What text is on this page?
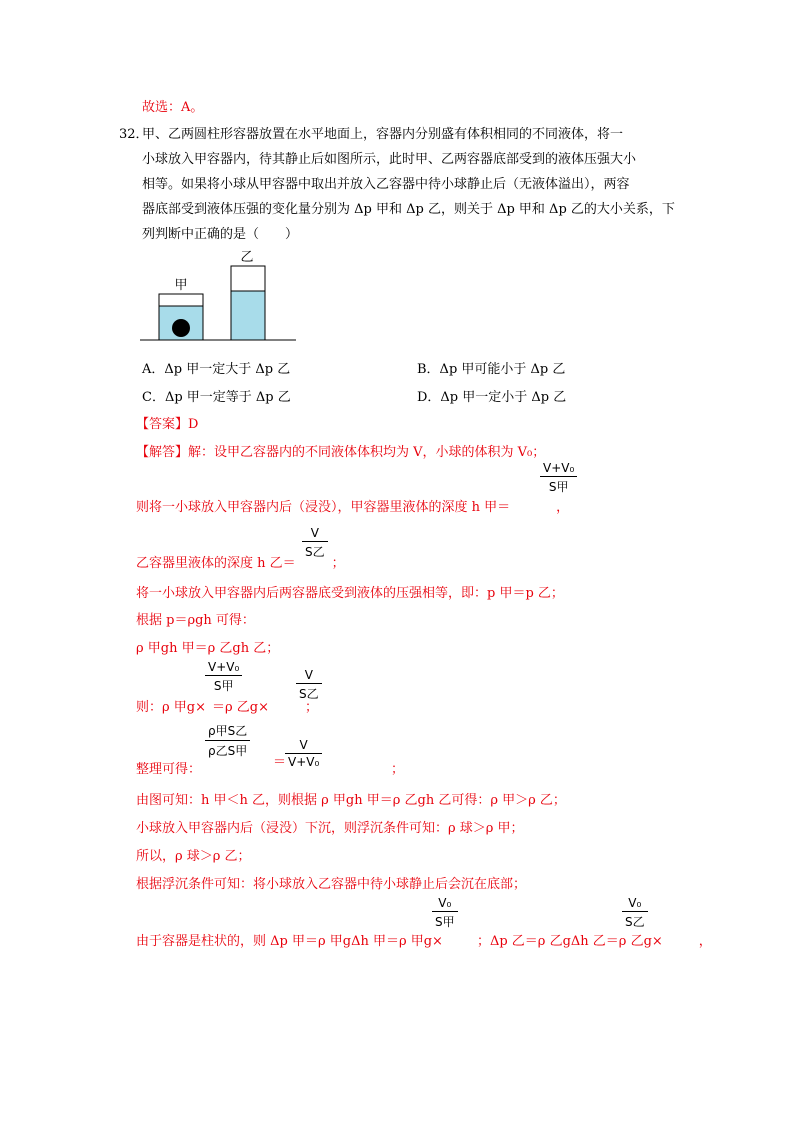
故选：A。
32．
甲、乙两圆柱形容器放置在水平地面上，容器内分别盛有体积相同的不同液体，将一
小球放入甲容器内，待其静止后如图所示，此时甲、乙两容器底部受到的液体压强大小
相等。如果将小球从甲容器中取出并放入乙容器中待小球静止后（无液体溢出），两容
器底部受到液体压强的变化量分别为 Δp 甲和 Δp 乙，则关于 Δp 甲和 Δp 乙的大小关系，下
列判断中正确的是（　　）
甲
乙
A．Δp 甲一定大于 Δp 乙	B．Δp 甲可能小于 Δp 乙
C．Δp 甲一定等于 Δp 乙	D．Δp 甲一定小于 Δp 乙
【答案】D
【解答】解：设甲乙容器内的不同液体体积均为 V，小球的体积为 V₀；
V+V₀
S甲
则将一小球放入甲容器内后（浸没），甲容器里液体的深度 h 甲＝	，
V
S乙
乙容器里液体的深度 h 乙＝	；
将一小球放入甲容器内后两容器底受到液体的压强相等，即：p 甲＝p 乙；
根据 p＝ρgh 可得：
ρ 甲gh 甲＝ρ 乙gh 乙；
V+V₀
S甲
V
S乙
则：ρ 甲g× ＝ρ 乙g×	；
ρ甲S乙
ρ乙S甲
＝
V
V+V₀
整理可得：	；
由图可知：h 甲＜h 乙，则根据 ρ 甲gh 甲＝ρ 乙gh 乙可得：ρ 甲＞ρ 乙；
小球放入甲容器内后（浸没）下沉，则浮沉条件可知：ρ 球＞ρ 甲；
所以，ρ 球＞ρ 乙；
根据浮沉条件可知：将小球放入乙容器中待小球静止后会沉在底部；
V₀
S甲
V₀
S乙
由于容器是柱状的，则 Δp 甲＝ρ 甲gΔh 甲＝ρ 甲g×	；Δp 乙＝ρ 乙gΔh 乙＝ρ 乙g×	，
